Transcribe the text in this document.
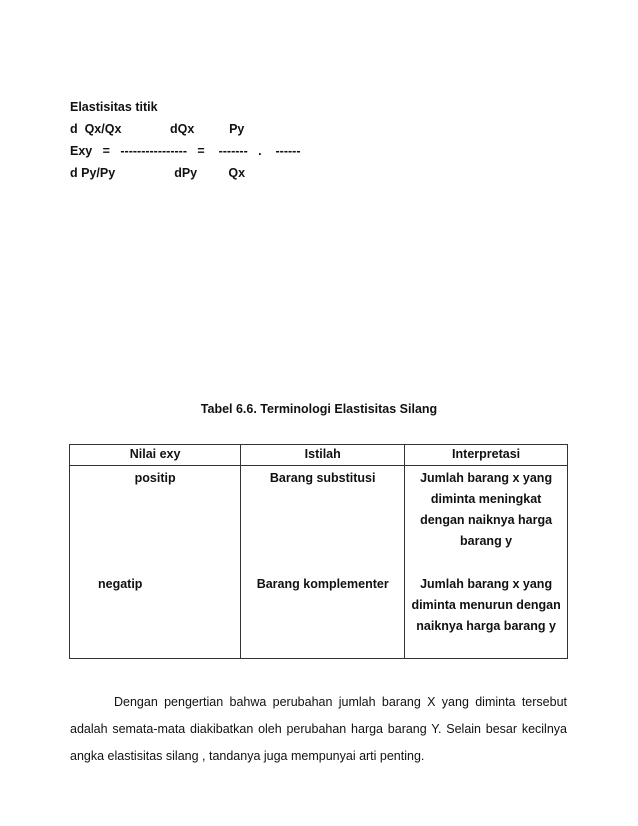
Elastisitas titik
d  Qx/Qx              dQx          Py
Exy   =   ----------------   =    -------   .    ------
d Py/Py                 dPy         Qx
Tabel 6.6. Terminologi Elastisitas Silang
Nilai exy	Istilah	Interpretasi
positip	Barang substitusi	Jumlah barang x yang diminta meningkat dengan naiknya harga barang y
negatip	Barang komplementer	Jumlah barang x yang diminta menurun dengan naiknya harga barang y
Dengan pengertian bahwa perubahan jumlah barang X yang diminta tersebut adalah semata-mata diakibatkan oleh perubahan harga barang Y. Selain besar kecilnya angka elastisitas silang , tandanya juga mempunyai arti penting.
